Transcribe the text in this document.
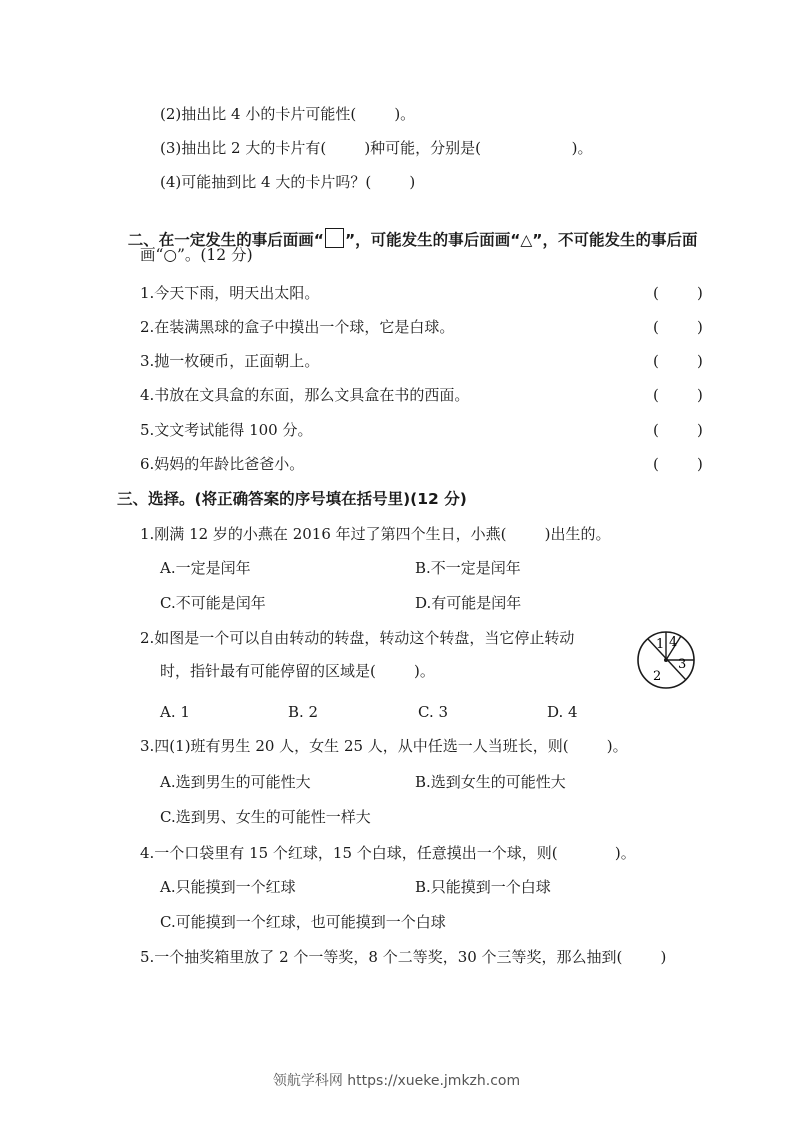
(2)抽出比 4 小的卡片可能性(        )。
(3)抽出比 2 大的卡片有(        )种可能，分别是(                   )。
(4)可能抽到比 4 大的卡片吗？(        )

二、在一定发生的事后面画“ ”，可能发生的事后面画“△”，不可能发生的事后面

画“○”。(12 分)
1.今天下雨，明天出太阳。	(        )
2.在装满黑球的盒子中摸出一个球，它是白球。	(        )
3.抛一枚硬币，正面朝上。	(        )
4.书放在文具盒的东面，那么文具盒在书的西面。	(        )
5.文文考试能得 100 分。	(        )
6.妈妈的年龄比爸爸小。	(        )
三、选择。(将正确答案的序号填在括号里)(12 分)
1.刚满 12 岁的小燕在 2016 年过了第四个生日，小燕(        )出生的。
A.一定是闰年	B.不一定是闰年
C.不可能是闰年	D.有可能是闰年
2.如图是一个可以自由转动的转盘，转动这个转盘，当它停止转动
时，指针最有可能停留的区域是(        )。
A. 1	B. 2	C. 3	D. 4
1 4
3
2
3.四(1)班有男生 20 人，女生 25 人，从中任选一人当班长，则(        )。
A.选到男生的可能性大	B.选到女生的可能性大
C.选到男、女生的可能性一样大
4.一个口袋里有 15 个红球，15 个白球，任意摸出一个球，则(            )。
A.只能摸到一个红球	B.只能摸到一个白球
C.可能摸到一个红球，也可能摸到一个白球
5.一个抽奖箱里放了 2 个一等奖，8 个二等奖，30 个三等奖，那么抽到(        )
领航学科网 https://xueke.jmkzh.com
